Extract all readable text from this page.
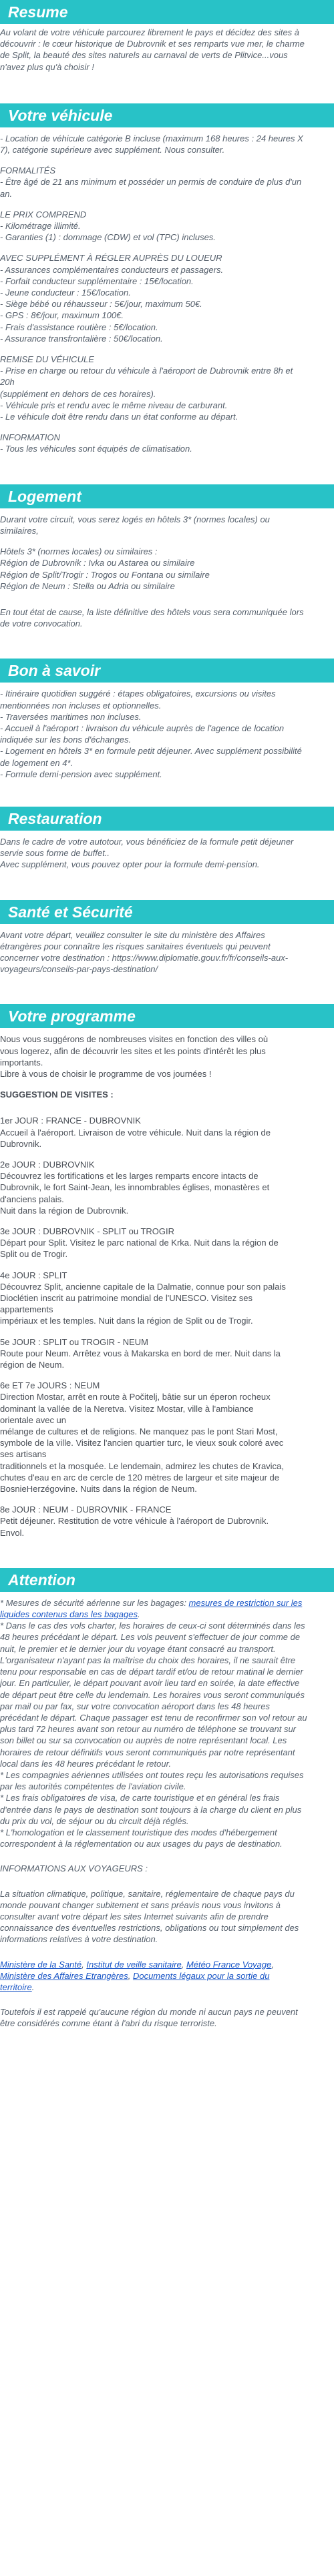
Resume

Au volant de votre véhicule parcourez librement le pays et décidez des sites à

découvrir : le cœur historique de Dubrovnik et ses remparts vue mer, le charme

de Split, la beauté des sites naturels au carnaval de verts de Plitvice...vous

n'avez plus qu'à choisir !

Votre véhicule

- Location de véhicule catégorie B incluse (maximum 168 heures : 24 heures X

7), catégorie supérieure avec supplément. Nous consulter.

FORMALITÉS

- Être âgé de 21 ans minimum et posséder un permis de conduire de plus d'un

an.

LE PRIX COMPREND

- Kilométrage illimité.

- Garanties (1) : dommage (CDW) et vol (TPC) incluses.

AVEC SUPPLÉMENT À RÉGLER AUPRÈS DU LOUEUR

- Assurances complémentaires conducteurs et passagers.

- Forfait conducteur supplémentaire : 15€/location.

- Jeune conducteur : 15€/location.

- Siège bébé ou réhausseur : 5€/jour, maximum 50€.

- GPS : 8€/jour, maximum 100€.

- Frais d'assistance routière : 5€/location.

- Assurance transfrontalière : 50€/location.

REMISE DU VÉHICULE

- Prise en charge ou retour du véhicule à l'aéroport de Dubrovnik entre 8h et

20h

(supplément en dehors de ces horaires).

- Véhicule pris et rendu avec le même niveau de carburant.

- Le véhicule doit être rendu dans un état conforme au départ.

INFORMATION

- Tous les véhicules sont équipés de climatisation.

Logement

Durant votre circuit, vous serez logés en hôtels 3* (normes locales) ou

similaires,

Hôtels 3* (normes locales) ou similaires :

Région de Dubrovnik : Ivka ou Astarea ou similaire

Région de Split/Trogir : Trogos ou Fontana ou similaire

Région de Neum : Stella ou Adria ou similaire

En tout état de cause, la liste définitive des hôtels vous sera communiquée lors

de votre convocation.

Bon à savoir

- Itinéraire quotidien suggéré : étapes obligatoires, excursions ou visites

mentionnées non incluses et optionnelles.

- Traversées maritimes non incluses.

- Accueil à l'aéroport : livraison du véhicule auprès de l'agence de location

indiquée sur les bons d'échanges.

- Logement en hôtels 3* en formule petit déjeuner. Avec supplément possibilité

de logement en 4*.

- Formule demi-pension avec supplément.

Restauration

Dans le cadre de votre autotour, vous bénéficiez de la formule petit déjeuner

servie sous forme de buffet..

Avec supplément, vous pouvez opter pour la formule demi-pension.

Santé et Sécurité

Avant votre départ, veuillez consulter le site du ministère des Affaires

étrangères pour connaître les risques sanitaires éventuels qui peuvent

concerner votre destination : https://www.diplomatie.gouv.fr/fr/conseils-aux-

voyageurs/conseils-par-pays-destination/

Votre programme

Nous vous suggérons de nombreuses visites en fonction des villes où

vous logerez, afin de découvrir les sites et les points d'intérêt les plus

importants.

Libre à vous de choisir le programme de vos journées !

SUGGESTION DE VISITES :

1er JOUR : FRANCE - DUBROVNIK

Accueil à l'aéroport. Livraison de votre véhicule. Nuit dans la région de

Dubrovnik.

2e JOUR : DUBROVNIK

Découvrez les fortifications et les larges remparts encore intacts de

Dubrovnik, le fort Saint-Jean, les innombrables églises, monastères et

d'anciens palais.

Nuit dans la région de Dubrovnik.

3e JOUR : DUBROVNIK - SPLIT ou TROGIR

Départ pour Split. Visitez le parc national de Krka. Nuit dans la région de

Split ou de Trogir.

4e JOUR : SPLIT

Découvrez Split, ancienne capitale de la Dalmatie, connue pour son palais

Dioclétien inscrit au patrimoine mondial de l'UNESCO. Visitez ses

appartements

impériaux et les temples. Nuit dans la région de Split ou de Trogir.

5e JOUR : SPLIT ou TROGIR - NEUM

Route pour Neum. Arrêtez vous à Makarska en bord de mer. Nuit dans la

région de Neum.

6e ET 7e JOURS : NEUM

Direction Mostar, arrêt en route à Počitelj, bâtie sur un éperon rocheux

dominant la vallée de la Neretva. Visitez Mostar, ville à l'ambiance

orientale avec un

mélange de cultures et de religions. Ne manquez pas le pont Stari Most,

symbole de la ville. Visitez l'ancien quartier turc, le vieux souk coloré avec

ses artisans

traditionnels et la mosquée. Le lendemain, admirez les chutes de Kravica,

chutes d'eau en arc de cercle de 120 mètres de largeur et site majeur de

BosnieHerzégovine. Nuits dans la région de Neum.

8e JOUR : NEUM - DUBROVNIK - FRANCE

Petit déjeuner. Restitution de votre véhicule à l'aéroport de Dubrovnik.

Envol.

Attention

* Mesures de sécurité aérienne sur les bagages: mesures de restriction sur les

liquides contenus dans les bagages.

* Dans le cas des vols charter, les horaires de ceux-ci sont déterminés dans les

48 heures précédant le départ. Les vols peuvent s'effectuer de jour comme de

nuit, le premier et le dernier jour du voyage étant consacré au transport.

L'organisateur n'ayant pas la maîtrise du choix des horaires, il ne saurait être

tenu pour responsable en cas de départ tardif et/ou de retour matinal le dernier

jour. En particulier, le départ pouvant avoir lieu tard en soirée, la date effective

de départ peut être celle du lendemain. Les horaires vous seront communiqués

par mail ou par fax, sur votre convocation aéroport dans les 48 heures

précédant le départ. Chaque passager est tenu de reconfirmer son vol retour au

plus tard 72 heures avant son retour au numéro de téléphone se trouvant sur

son billet ou sur sa convocation ou auprès de notre représentant local. Les

horaires de retour définitifs vous seront communiqués par notre représentant

local dans les 48 heures précédant le retour.

* Les compagnies aériennes utilisées ont toutes reçu les autorisations requises

par les autorités compétentes de l'aviation civile.

* Les frais obligatoires de visa, de carte touristique et en général les frais

d'entrée dans le pays de destination sont toujours à la charge du client en plus

du prix du vol, de séjour ou du circuit déjà réglés.

* L'homologation et le classement touristique des modes d'hébergement

correspondent à la réglementation ou aux usages du pays de destination.

INFORMATIONS AUX VOYAGEURS :

La situation climatique, politique, sanitaire, réglementaire de chaque pays du

monde pouvant changer subitement et sans préavis nous vous invitons à

consulter avant votre départ les sites Internet suivants afin de prendre

connaissance des éventuelles restrictions, obligations ou tout simplement des

informations relatives à votre destination.

Ministère de la Santé, Institut de veille sanitaire, Météo France Voyage,

Ministère des Affaires Etrangères, Documents légaux pour la sortie du

territoire.

Toutefois il est rappelé qu'aucune région du monde ni aucun pays ne peuvent

être considérés comme étant à l'abri du risque terroriste.
